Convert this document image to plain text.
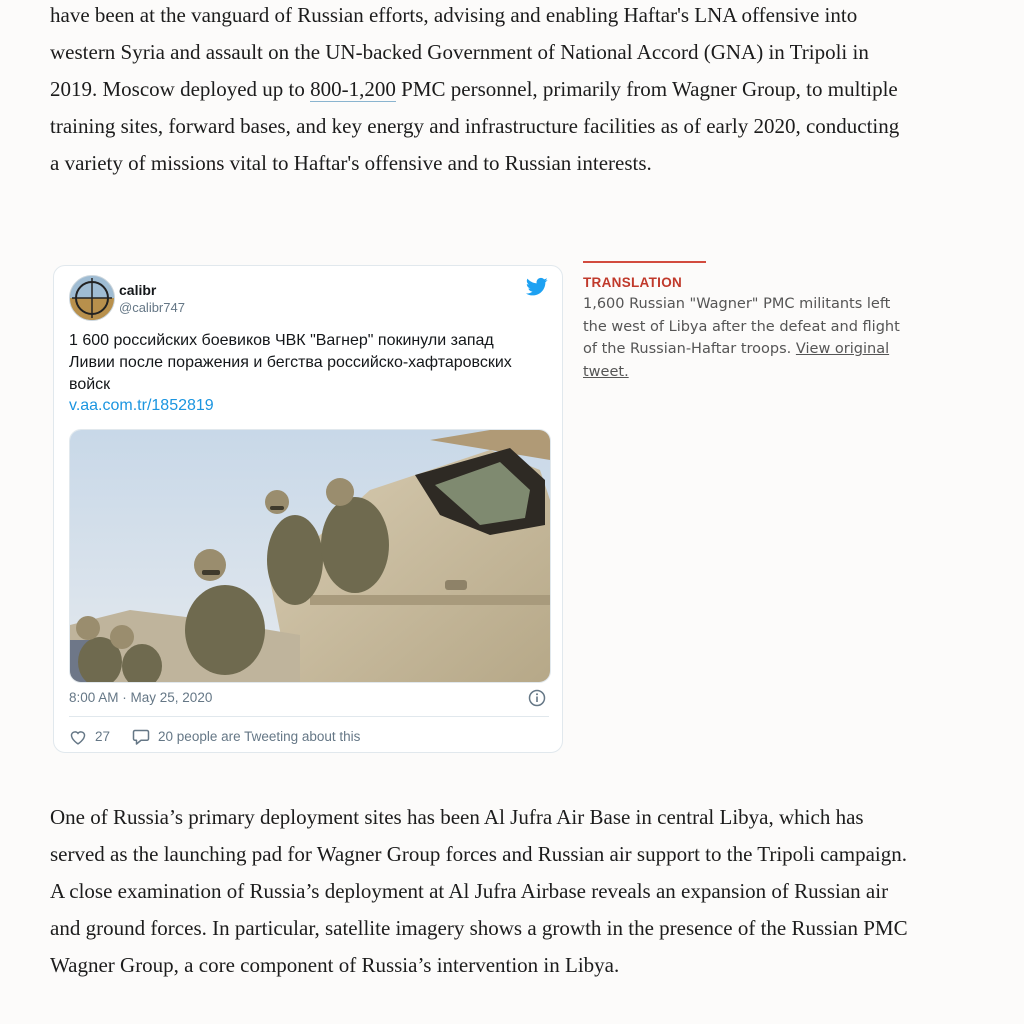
have been at the vanguard of Russian efforts, advising and enabling Haftar's LNA offensive into western Syria and assault on the UN-backed Government of National Accord (GNA) in Tripoli in 2019. Moscow deployed up to 800-1,200 PMC personnel, primarily from Wagner Group, to multiple training sites, forward bases, and key energy and infrastructure facilities as of early 2020, conducting a variety of missions vital to Haftar's offensive and to Russian interests.

calibr
@calibr747
1 600 российских боевиков ЧВК "Вагнер" покинули запад Ливии после поражения и бегства российско-хафтаровских войск
v.aa.com.tr/1852819
8:00 AM · May 25, 2020
27	20 people are Tweeting about this
TRANSLATION
1,600 Russian "Wagner" PMC militants left the west of Libya after the defeat and flight of the Russian-Haftar troops. View original tweet.

One of Russia’s primary deployment sites has been Al Jufra Air Base in central Libya, which has served as the launching pad for Wagner Group forces and Russian air support to the Tripoli campaign. A close examination of Russia’s deployment at Al Jufra Airbase reveals an expansion of Russian air and ground forces. In particular, satellite imagery shows a growth in the presence of the Russian PMC Wagner Group, a core component of Russia’s intervention in Libya.
